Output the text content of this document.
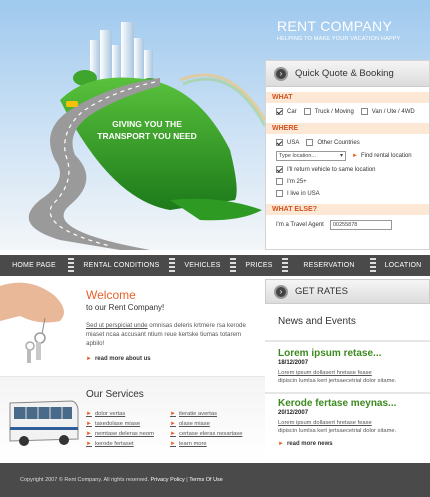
GIVING YOU THE
TRANSPORT YOU NEED
RENT COMPANY
HELPING TO MAKE YOUR VACATION HAPPY
›	Quick Quote & Booking
WHAT
Car	Truck / Moving	Van / Ute / 4WD
WHERE
USA	Other Countries
Type location... ▾	► Find rental location
I'll return vehicle to same location
I'm 25+
I live in USA
WHAT ELSE?
I'm a Travel Agent	00255878
HOME PAGE	RENTAL CONDITIONS	VEHICLES	PRICES	RESERVATION	LOCATION
Welcome
to our Rent Company!
Sed ut perspiciat unde omnisas deleris krtmere rsa kerode miaset ncaa accusant ntium reue kertske tiumas totarem apbilo!
► read more about us
Our Services
► dolor vertas
► taxedolase miase
► nemtase deleras neom
► kerode fertaset
► iteratie avertas
► olase miase
► certase eleras nesartase
► learn more
›	GET RATES
News and Events
Lorem ipsum retase...
18/12/2007
Lorem ipsum dollasert hretase fease
dipiscin lumlsa kert jertsaecetrial dolor sitame.
Kerode fertase meynas...
20/12/2007
Lorem ipsum dollasert hretase fease
dipiscin lumlsa kert jertsaecetrial dolor sitame.
► read more news
Copyright 2007 © Rent Company. All rights reserved.
Privacy Policy
|
Terms Of Use
